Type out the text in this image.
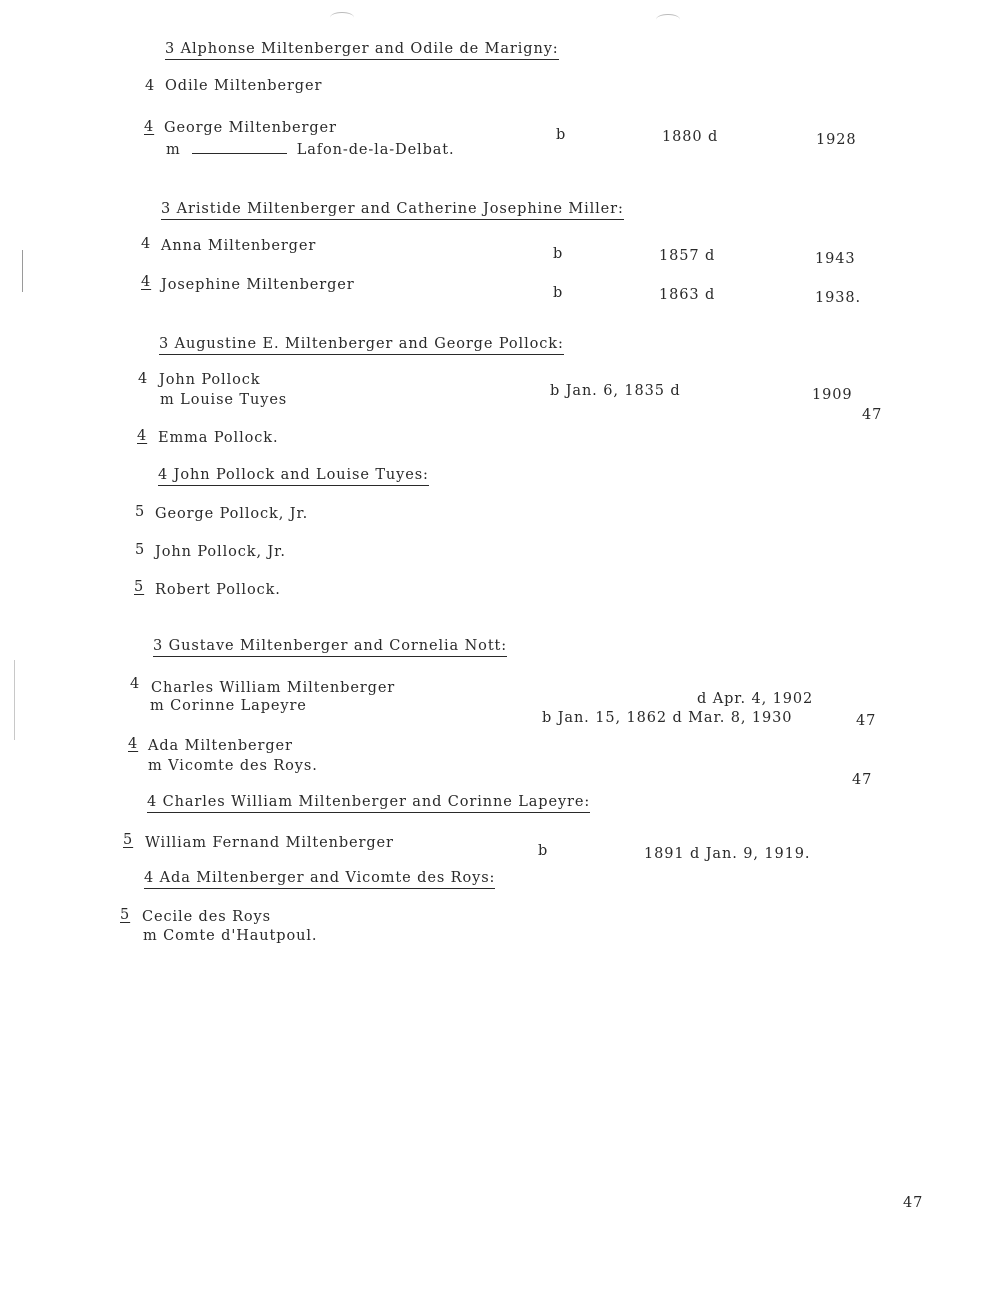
3 Alphonse Miltenberger and Odile de Marigny:
4 Odile Miltenberger
4 George Miltenberger
m	Lafon-de-la-Delbat.
b	1880 d	1928
3 Aristide Miltenberger and Catherine Josephine Miller:
4 Anna Miltenberger	b	1857 d	1943
4 Josephine Miltenberger	b	1863 d	1938.
3 Augustine E. Miltenberger and George Pollock:
4 John Pollock
m Louise Tuyes
b Jan. 6, 1835 d	1909
47
4 Emma Pollock.
4 John Pollock and Louise Tuyes:
5 George Pollock, Jr.
5 John Pollock, Jr.
5 Robert Pollock.
3 Gustave Miltenberger and Cornelia Nott:
4 Charles William Miltenberger
m Corinne Lapeyre	d Apr. 4, 1902
b Jan. 15, 1862 d Mar. 8, 1930	47
4 Ada Miltenberger
m Vicomte des Roys.
47
4 Charles William Miltenberger and Corinne Lapeyre:
5 William Fernand Miltenberger	b	1891 d Jan. 9, 1919.
4 Ada Miltenberger and Vicomte des Roys:
5 Cecile des Roys
m Comte d'Hautpoul.
47
